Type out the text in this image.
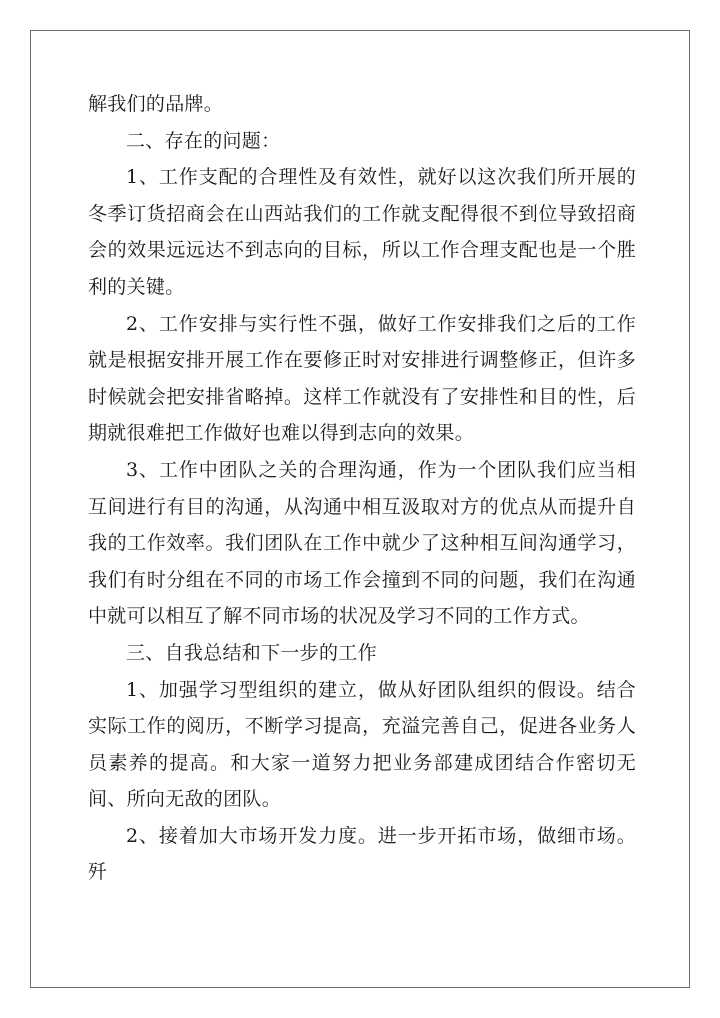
解我们的品牌。

二、存在的问题：

1、工作支配的合理性及有效性，就好以这次我们所开展的冬季订货招商会在山西站我们的工作就支配得很不到位导致招商会的效果远远达不到志向的目标，所以工作合理支配也是一个胜利的关键。

2、工作安排与实行性不强，做好工作安排我们之后的工作就是根据安排开展工作在要修正时对安排进行调整修正，但许多时候就会把安排省略掉。这样工作就没有了安排性和目的性，后期就很难把工作做好也难以得到志向的效果。

3、工作中团队之关的合理沟通，作为一个团队我们应当相互间进行有目的沟通，从沟通中相互汲取对方的优点从而提升自我的工作效率。我们团队在工作中就少了这种相互间沟通学习，我们有时分组在不同的市场工作会撞到不同的问题，我们在沟通中就可以相互了解不同市场的状况及学习不同的工作方式。

三、自我总结和下一步的工作

1、加强学习型组织的建立，做从好团队组织的假设。结合实际工作的阅历，不断学习提高，充溢完善自己，促进各业务人员素养的提高。和大家一道努力把业务部建成团结合作密切无间、所向无敌的团队。

2、接着加大市场开发力度。进一步开拓市场，做细市场。歼
